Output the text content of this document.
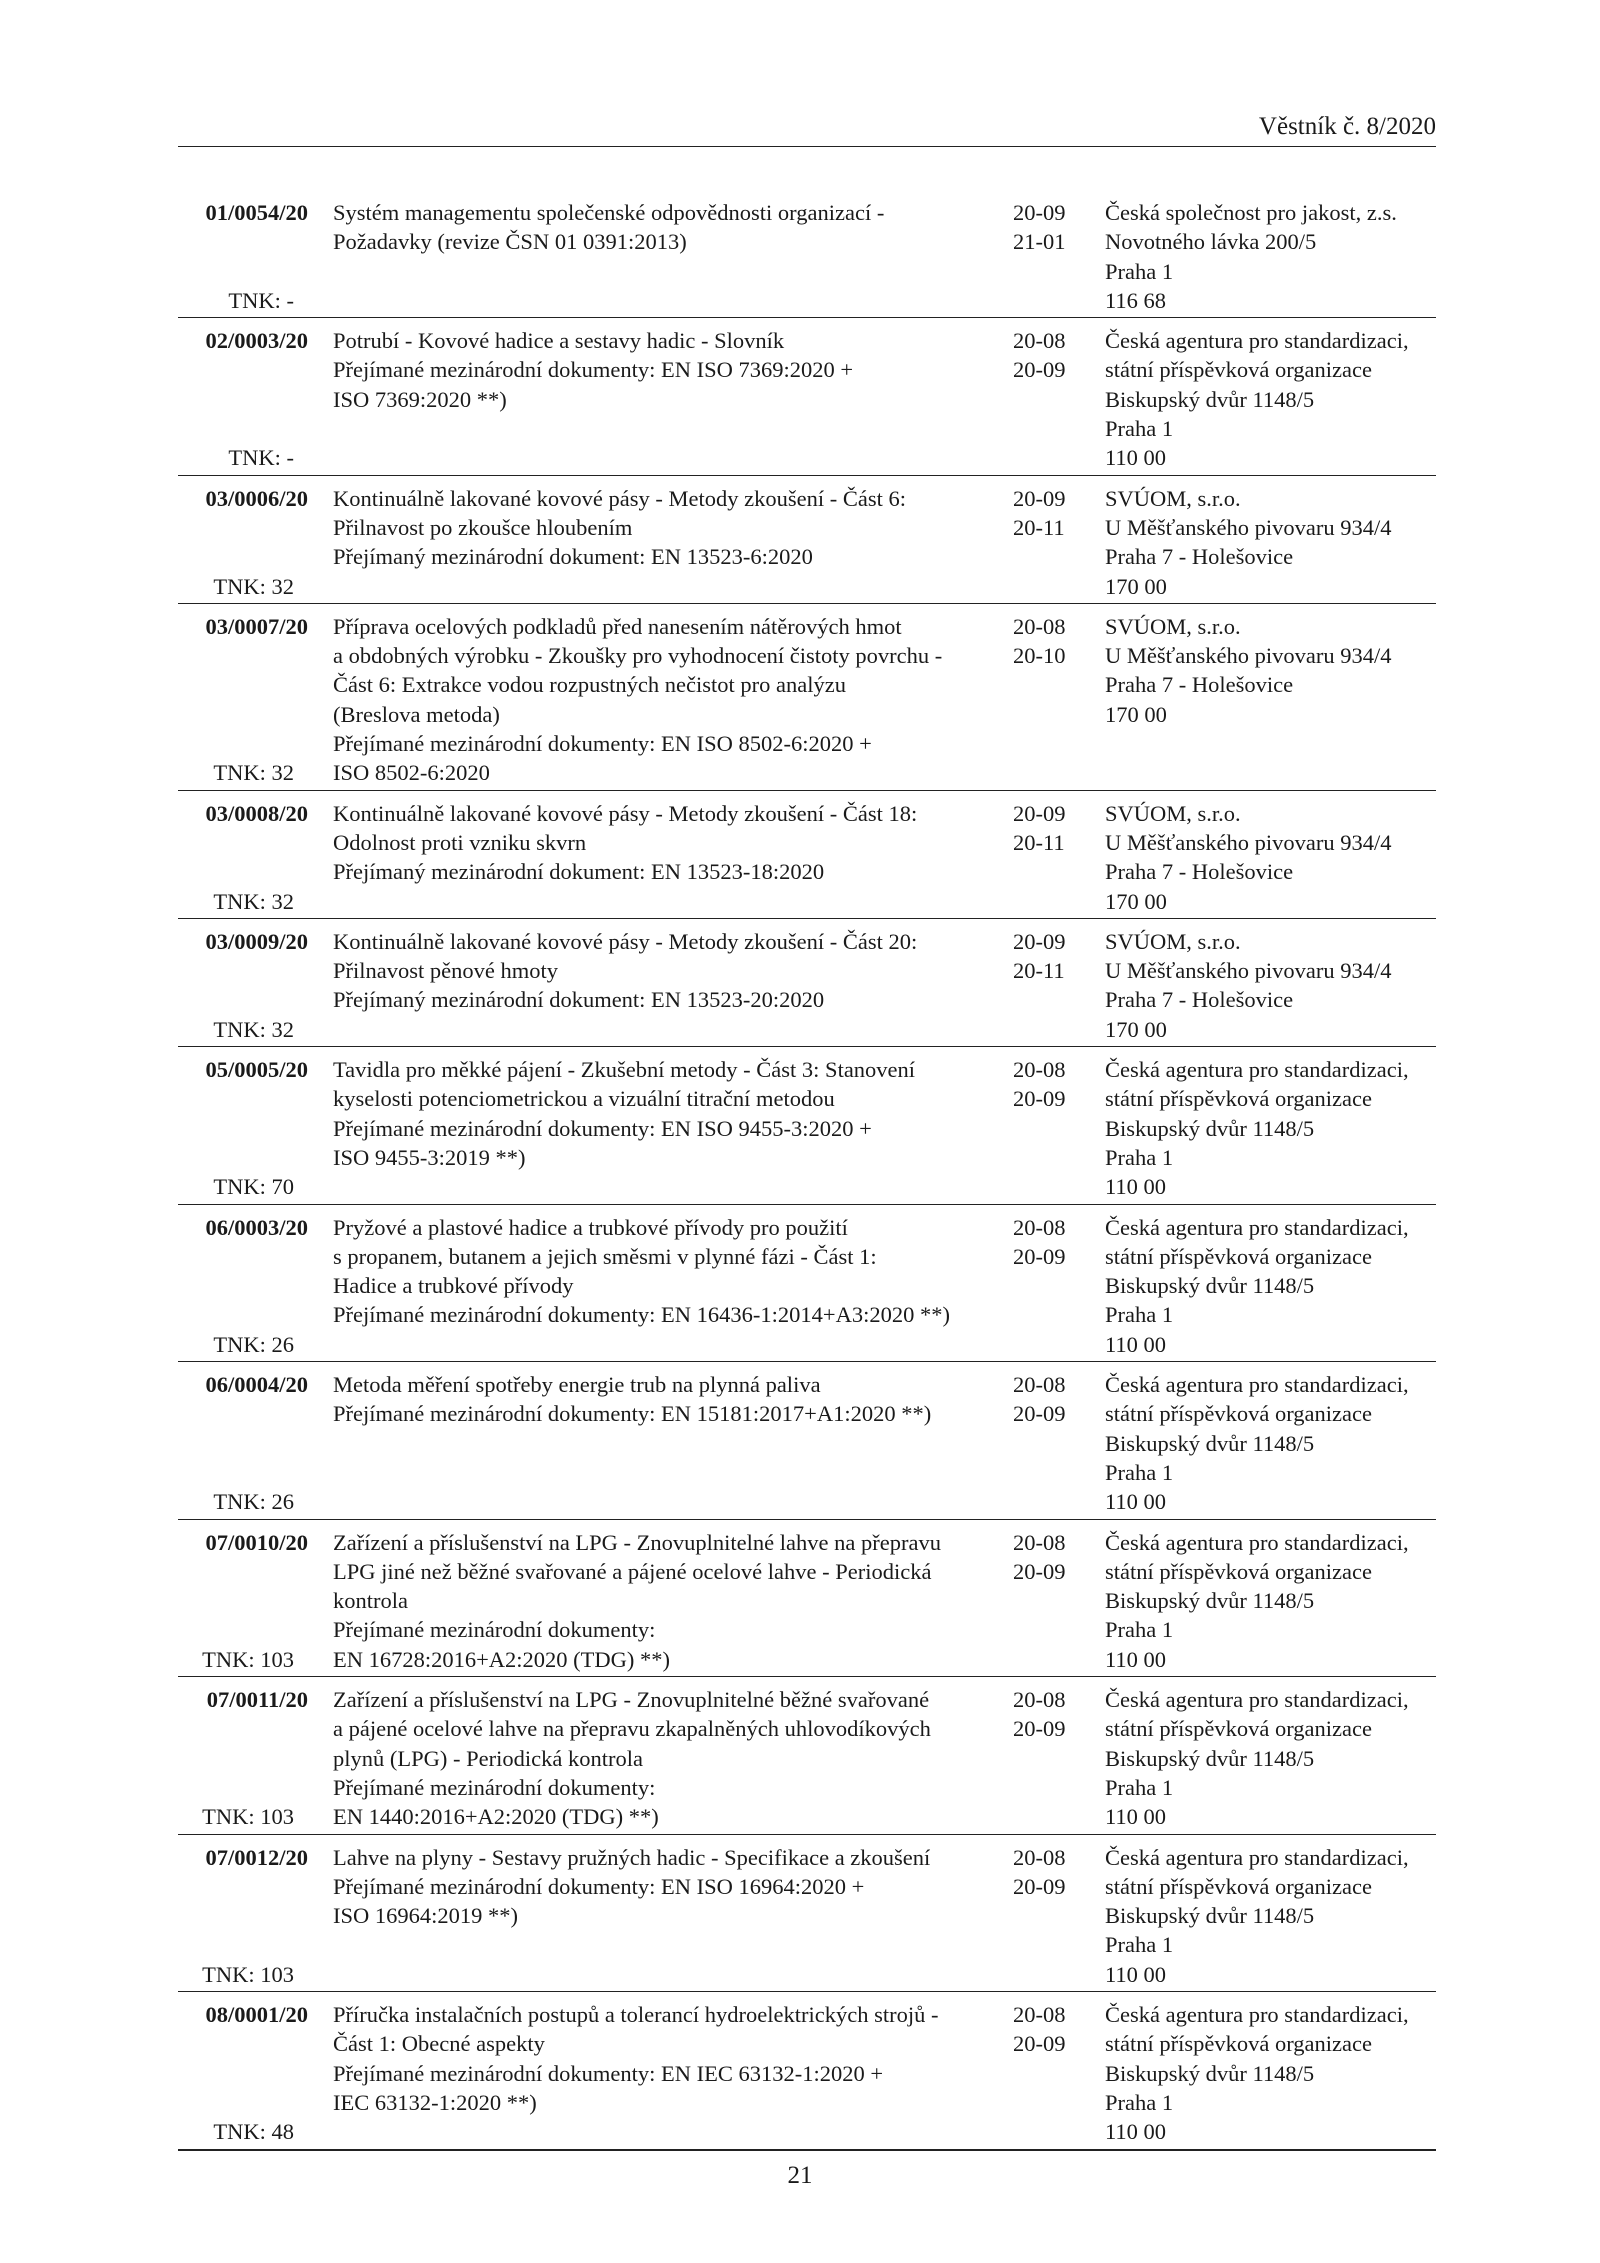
Věstník č. 8/2020
01/0054/20 Systém managementu společenské odpovědnosti organizací -
Požadavky (revize ČSN 01 0391:2013)
20-09
21-01
Česká společnost pro jakost, z.s.
Novotného lávka 200/5
Praha 1
116 68
TNK: -
02/0003/20 Potrubí - Kovové hadice a sestavy hadic - Slovník
Přejímané mezinárodní dokumenty: EN ISO 7369:2020 +
ISO 7369:2020 **)
20-08
20-09
Česká agentura pro standardizaci,
státní příspěvková organizace
Biskupský dvůr 1148/5
Praha 1
110 00
TNK: -
03/0006/20 Kontinuálně lakované kovové pásy - Metody zkoušení - Část 6:
Přilnavost po zkoušce hloubením
Přejímaný mezinárodní dokument: EN 13523-6:2020
20-09
20-11
SVÚOM, s.r.o.
U Měšťanského pivovaru 934/4
Praha 7 - Holešovice
170 00
TNK: 32
03/0007/20 Příprava ocelových podkladů před nanesením nátěrových hmot
a obdobných výrobku - Zkoušky pro vyhodnocení čistoty povrchu -
Část 6: Extrakce vodou rozpustných nečistot pro analýzu
(Breslova metoda)
Přejímané mezinárodní dokumenty: EN ISO 8502-6:2020 +
ISO 8502-6:2020
20-08
20-10
SVÚOM, s.r.o.
U Měšťanského pivovaru 934/4
Praha 7 - Holešovice
170 00
TNK: 32
03/0008/20 Kontinuálně lakované kovové pásy - Metody zkoušení - Část 18:
Odolnost proti vzniku skvrn
Přejímaný mezinárodní dokument: EN 13523-18:2020
20-09
20-11
SVÚOM, s.r.o.
U Měšťanského pivovaru 934/4
Praha 7 - Holešovice
170 00
TNK: 32
03/0009/20 Kontinuálně lakované kovové pásy - Metody zkoušení - Část 20:
Přilnavost pěnové hmoty
Přejímaný mezinárodní dokument: EN 13523-20:2020
20-09
20-11
SVÚOM, s.r.o.
U Měšťanského pivovaru 934/4
Praha 7 - Holešovice
170 00
TNK: 32
05/0005/20 Tavidla pro měkké pájení - Zkušební metody - Část 3: Stanovení
kyselosti potenciometrickou a vizuální titrační metodou
Přejímané mezinárodní dokumenty: EN ISO 9455-3:2020 +
ISO 9455-3:2019 **)
20-08
20-09
Česká agentura pro standardizaci,
státní příspěvková organizace
Biskupský dvůr 1148/5
Praha 1
110 00
TNK: 70
06/0003/20 Pryžové a plastové hadice a trubkové přívody pro použití
s propanem, butanem a jejich směsmi v plynné fázi - Část 1:
Hadice a trubkové přívody
Přejímané mezinárodní dokumenty: EN 16436-1:2014+A3:2020 **)
20-08
20-09
Česká agentura pro standardizaci,
státní příspěvková organizace
Biskupský dvůr 1148/5
Praha 1
110 00
TNK: 26
06/0004/20 Metoda měření spotřeby energie trub na plynná paliva
Přejímané mezinárodní dokumenty: EN 15181:2017+A1:2020 **)
20-08
20-09
Česká agentura pro standardizaci,
státní příspěvková organizace
Biskupský dvůr 1148/5
Praha 1
110 00
TNK: 26
07/0010/20 Zařízení a příslušenství na LPG - Znovuplnitelné lahve na přepravu
LPG jiné než běžné svařované a pájené ocelové lahve - Periodická
kontrola
Přejímané mezinárodní dokumenty:
EN 16728:2016+A2:2020 (TDG) **)
20-08
20-09
Česká agentura pro standardizaci,
státní příspěvková organizace
Biskupský dvůr 1148/5
Praha 1
110 00
TNK: 103
07/0011/20 Zařízení a příslušenství na LPG - Znovuplnitelné běžné svařované
a pájené ocelové lahve na přepravu zkapalněných uhlovodíkových
plynů (LPG) - Periodická kontrola
Přejímané mezinárodní dokumenty:
EN 1440:2016+A2:2020 (TDG) **)
20-08
20-09
Česká agentura pro standardizaci,
státní příspěvková organizace
Biskupský dvůr 1148/5
Praha 1
110 00
TNK: 103
07/0012/20 Lahve na plyny - Sestavy pružných hadic - Specifikace a zkoušení
Přejímané mezinárodní dokumenty: EN ISO 16964:2020 +
ISO 16964:2019 **)
20-08
20-09
Česká agentura pro standardizaci,
státní příspěvková organizace
Biskupský dvůr 1148/5
Praha 1
110 00
TNK: 103
08/0001/20 Příručka instalačních postupů a tolerancí hydroelektrických strojů -
Část 1: Obecné aspekty
Přejímané mezinárodní dokumenty: EN IEC 63132-1:2020 +
IEC 63132-1:2020 **)
20-08
20-09
Česká agentura pro standardizaci,
státní příspěvková organizace
Biskupský dvůr 1148/5
Praha 1
110 00
TNK: 48
21
